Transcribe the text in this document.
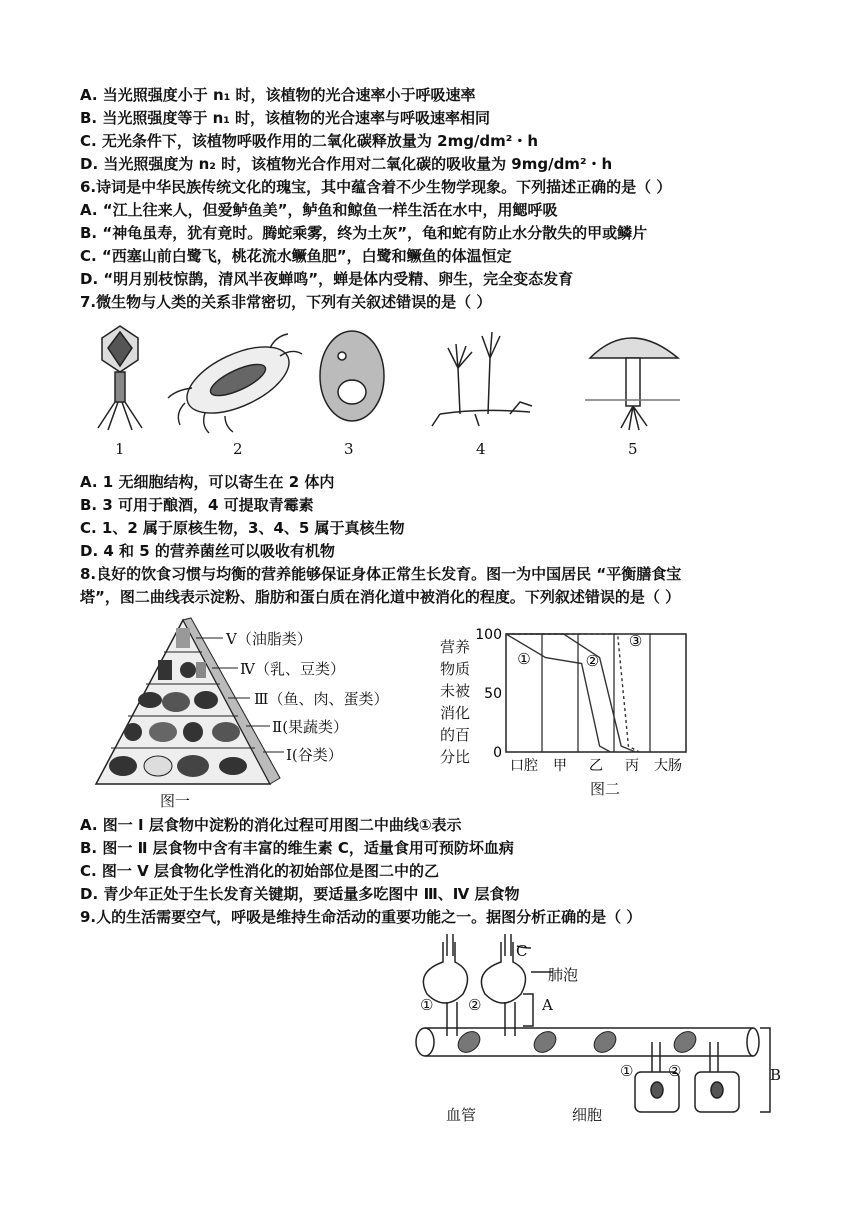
A. 当光照强度小于 n₁ 时，该植物的光合速率小于呼吸速率
B. 当光照强度等于 n₁ 时，该植物的光合速率与呼吸速率相同
C. 无光条件下，该植物呼吸作用的二氧化碳释放量为 2mg/dm²・h
D. 当光照强度为 n₂ 时，该植物光合作用对二氧化碳的吸收量为 9mg/dm²・h
6.诗词是中华民族传统文化的瑰宝，其中蕴含着不少生物学现象。下列描述正确的是（ ）
A. “江上往来人，但爱鲈鱼美”，鲈鱼和鲸鱼一样生活在水中，用鳃呼吸
B. “神龟虽寿，犹有竟时。腾蛇乘雾，终为土灰”，龟和蛇有防止水分散失的甲或鳞片
C. “西塞山前白鹭飞，桃花流水鳜鱼肥”，白鹭和鳜鱼的体温恒定
D. “明月别枝惊鹊，清风半夜蝉鸣”，蝉是体内受精、卵生，完全变态发育
7.微生物与人类的关系非常密切，下列有关叙述错误的是（ ）
1	2	3	4	5
A. 1 无细胞结构，可以寄生在 2 体内
B. 3 可用于酿酒，4 可提取青霉素
C. 1、2 属于原核生物，3、4、5 属于真核生物
D. 4 和 5 的营养菌丝可以吸收有机物
8.良好的饮食习惯与均衡的营养能够保证身体正常生长发育。图一为中国居民 “平衡膳食宝
塔”，图二曲线表示淀粉、脂肪和蛋白质在消化道中被消化的程度。下列叙述错误的是（ ）
V（油脂类）
Ⅳ（乳、豆类）
Ⅲ（鱼、肉、蛋类）
Ⅱ(果蔬类）
Ⅰ(谷类）
图一
营养
物质
未被
消化
的百
分比
100
50
0
口腔 甲 乙 丙 大肠
①	②
③
图二
A. 图一 Ⅰ 层食物中淀粉的消化过程可用图二中曲线①表示
B. 图一 Ⅱ 层食物中含有丰富的维生素 C，适量食用可预防坏血病
C. 图一 V 层食物化学性消化的初始部位是图二中的乙
D. 青少年正处于生长发育关键期，要适量多吃图中 Ⅲ、Ⅳ 层食物
9.人的生活需要空气，呼吸是维持生命活动的重要功能之一。据图分析正确的是（ ）
肺泡
A
C
B
① ②
① ②
血管	细胞
